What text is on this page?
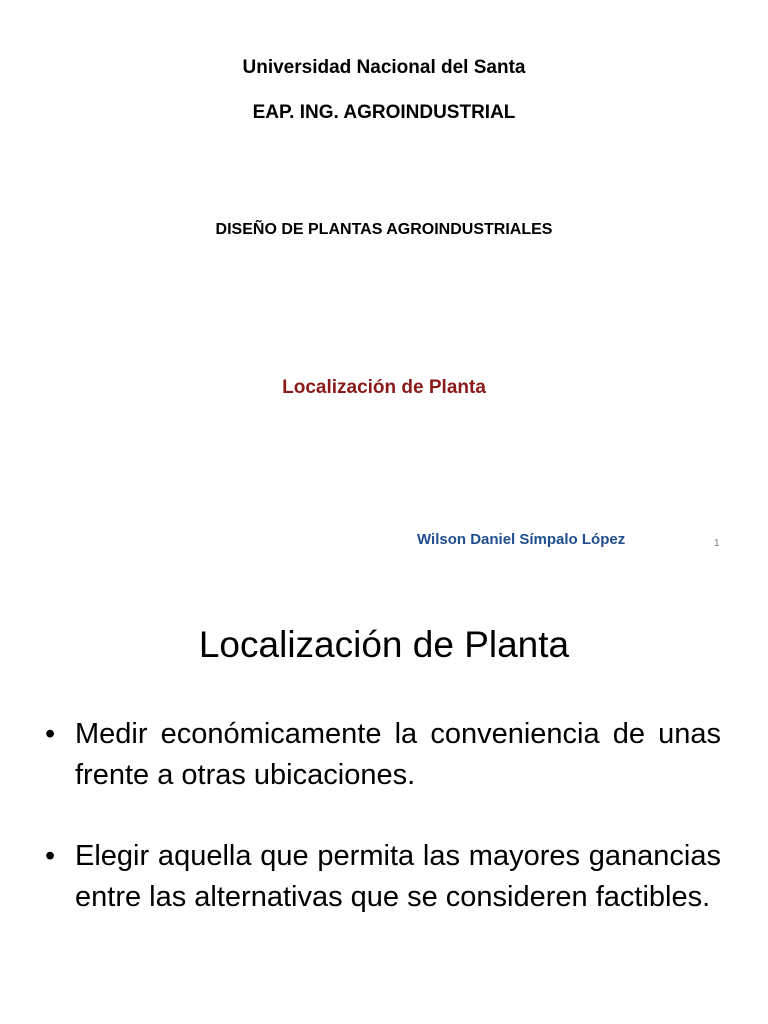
Universidad Nacional del Santa
EAP. ING. AGROINDUSTRIAL
DISEÑO DE PLANTAS AGROINDUSTRIALES
Localización de Planta
Wilson Daniel Símpalo López	1
Localización de Planta
• Medir económicamente la conveniencia de unas frente a otras ubicaciones.
• Elegir aquella que permita las mayores ganancias entre las alternativas que se consideren factibles.
